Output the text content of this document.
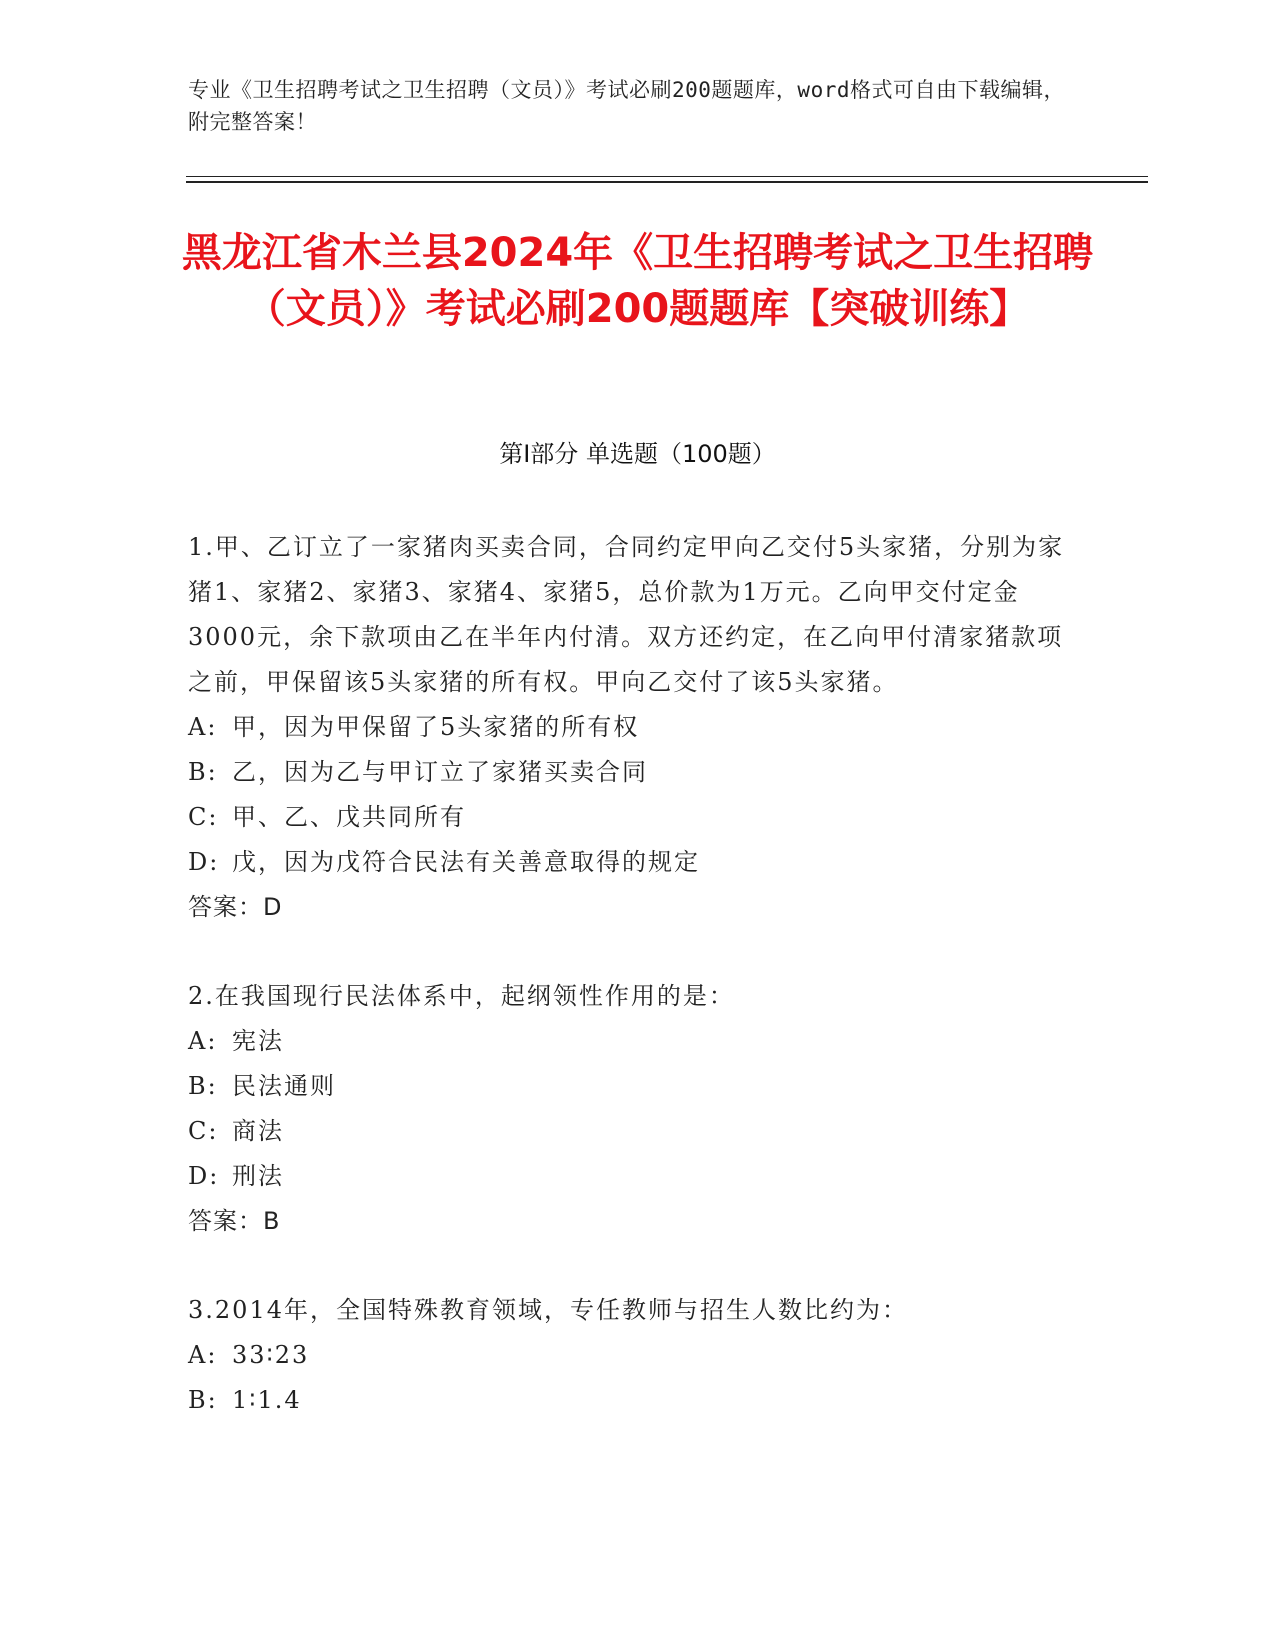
专业《卫生招聘考试之卫生招聘（文员）》考试必刷200题题库，word格式可自由下载编辑，附完整答案！
黑龙江省木兰县2024年《卫生招聘考试之卫生招聘（文员）》考试必刷200题题库【突破训练】
第Ⅰ部分 单选题（100题）
1.甲、乙订立了一家猪肉买卖合同，合同约定甲向乙交付5头家猪，分别为家猪1、家猪2、家猪3、家猪4、家猪5，总价款为1万元。乙向甲交付定金3000元，余下款项由乙在半年内付清。双方还约定，在乙向甲付清家猪款项之前，甲保留该5头家猪的所有权。甲向乙交付了该5头家猪。
A: 甲，因为甲保留了5头家猪的所有权
B: 乙，因为乙与甲订立了家猪买卖合同
C: 甲、乙、戊共同所有
D: 戊，因为戊符合民法有关善意取得的规定
答案：D
2.在我国现行民法体系中，起纲领性作用的是：
A: 宪法
B: 民法通则
C: 商法
D: 刑法
答案：B
3.2014年，全国特殊教育领域，专任教师与招生人数比约为：
A: 33∶23
B: 1∶1.4
